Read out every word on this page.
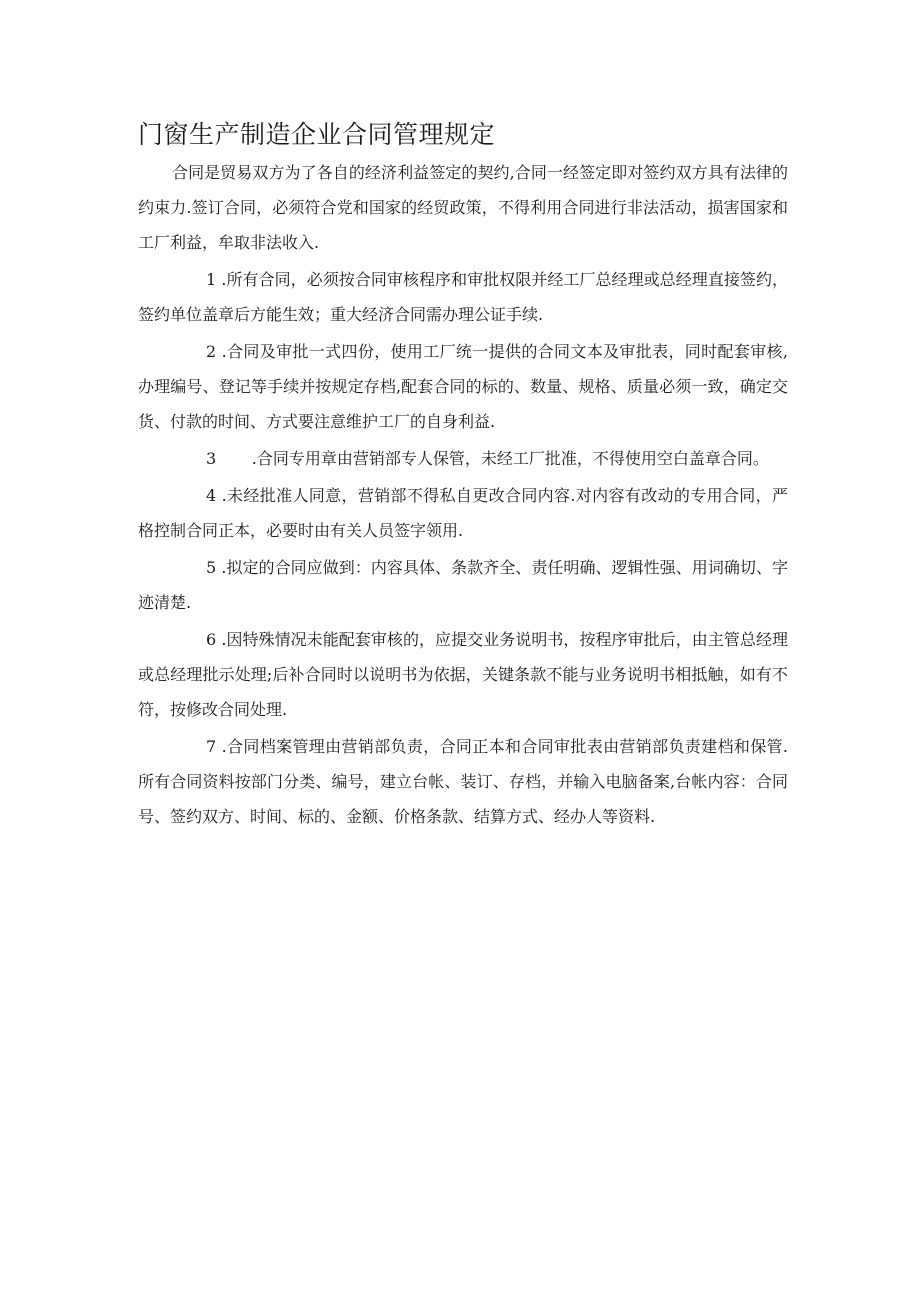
门窗生产制造企业合同管理规定

合同是贸易双方为了各自的经济利益签定的契约,合同一经签定即对签约双方具有法律的约束力.签订合同，必须符合党和国家的经贸政策，不得利用合同进行非法活动，损害国家和工厂利益，牟取非法收入.

1 .所有合同，必须按合同审核程序和审批权限并经工厂总经理或总经理直接签约，签约单位盖章后方能生效；重大经济合同需办理公证手续.

2 .合同及审批一式四份，使用工厂统一提供的合同文本及审批表，同时配套审核,办理编号、登记等手续并按规定存档,配套合同的标的、数量、规格、质量必须一致，确定交货、付款的时间、方式要注意维护工厂的自身利益.

3 .合同专用章由营销部专人保管，未经工厂批准，不得使用空白盖章合同。

4 .未经批准人同意，营销部不得私自更改合同内容.对内容有改动的专用合同，严格控制合同正本，必要时由有关人员签字领用.

5 .拟定的合同应做到：内容具体、条款齐全、责任明确、逻辑性强、用词确切、字迹清楚.

6 .因特殊情况未能配套审核的，应提交业务说明书，按程序审批后，由主管总经理或总经理批示处理;后补合同时以说明书为依据，关键条款不能与业务说明书相抵触，如有不符，按修改合同处理.

7 .合同档案管理由营销部负责，合同正本和合同审批表由营销部负责建档和保管.所有合同资料按部门分类、编号，建立台帐、装订、存档，并输入电脑备案,台帐内容：合同号、签约双方、时间、标的、金额、价格条款、结算方式、经办人等资料.
